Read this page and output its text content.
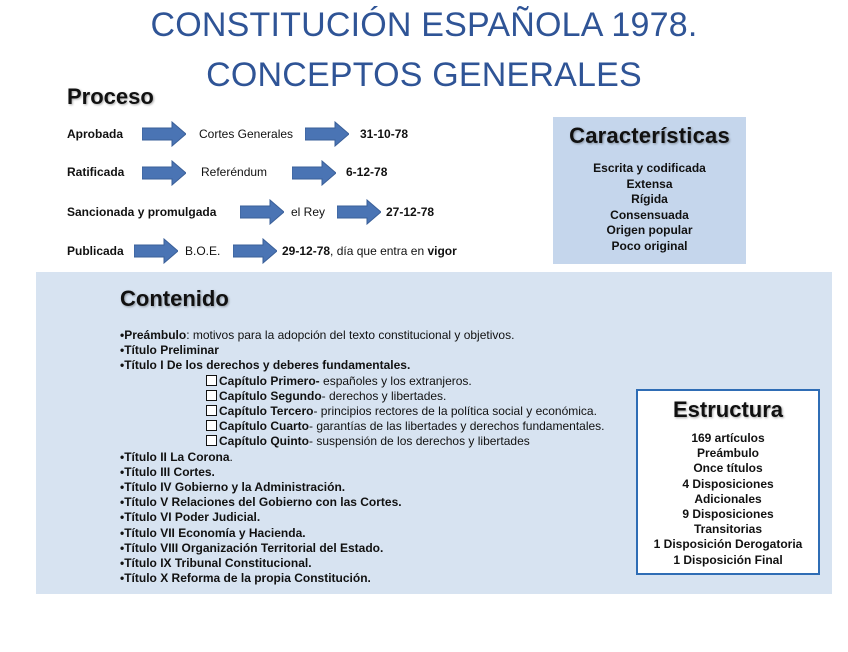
CONSTITUCIÓN ESPAÑOLA 1978.
CONCEPTOS GENERALES
Proceso
Aprobada	Cortes Generales	31-10-78
Ratificada	Referéndum	6-12-78
Sancionada y promulgada	el Rey	27-12-78
Publicada	B.O.E.	29-12-78, día que entra en vigor
Características
Escrita y codificada
Extensa
Rígida
Consensuada
Origen popular
Poco original
Contenido
•Preámbulo: motivos para la adopción del texto constitucional y objetivos.
•Título Preliminar
•Título I De los derechos y deberes fundamentales.
Capítulo Primero- españoles y los extranjeros.
Capítulo Segundo- derechos y libertades.
Capítulo Tercero- principios rectores de la política social y económica.
Capítulo Cuarto- garantías de las libertades y derechos fundamentales.
Capítulo Quinto- suspensión de los derechos y libertades
•Título II La Corona.
•Título III Cortes.
•Título IV Gobierno y la Administración.
•Título V Relaciones del Gobierno con las Cortes.
•Título VI Poder Judicial.
•Título VII Economía y Hacienda.
•Título VIII Organización Territorial del Estado.
•Título IX Tribunal Constitucional.
•Título X Reforma de la propia Constitución.
Estructura
169 artículos
Preámbulo
Once títulos
4 Disposiciones
Adicionales
9 Disposiciones
Transitorias
1 Disposición Derogatoria
1 Disposición Final
